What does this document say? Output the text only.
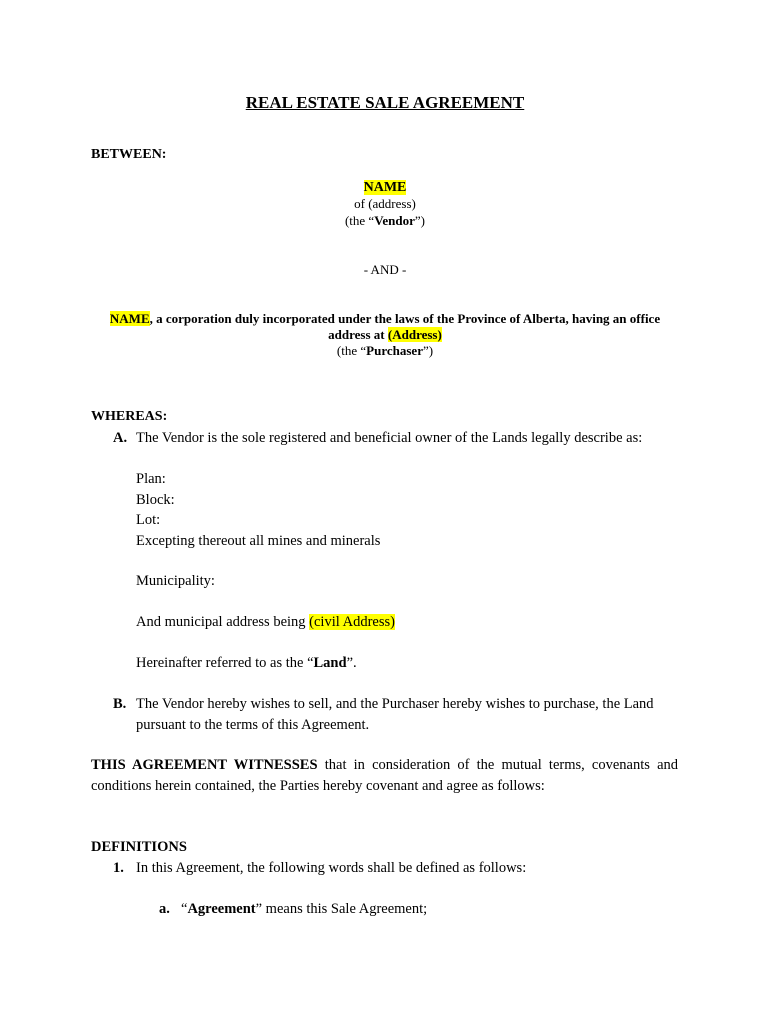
REAL ESTATE SALE AGREEMENT
BETWEEN:
NAME
of (address)
(the “Vendor”)
- AND -
NAME, a corporation duly incorporated under the laws of the Province of Alberta, having an office
address at (Address)
(the “Purchaser”)
WHEREAS:
A. The Vendor is the sole registered and beneficial owner of the Lands legally describe as:
Plan:
Block:
Lot:
Excepting thereout all mines and minerals
Municipality:
And municipal address being (civil Address)
Hereinafter referred to as the “Land”.
B. The Vendor hereby wishes to sell, and the Purchaser hereby wishes to purchase, the Land
pursuant to the terms of this Agreement.
THIS AGREEMENT WITNESSES that in consideration of the mutual terms, covenants and
conditions herein contained, the Parties hereby covenant and agree as follows:
DEFINITIONS
1. In this Agreement, the following words shall be defined as follows:
a. “Agreement” means this Sale Agreement;
